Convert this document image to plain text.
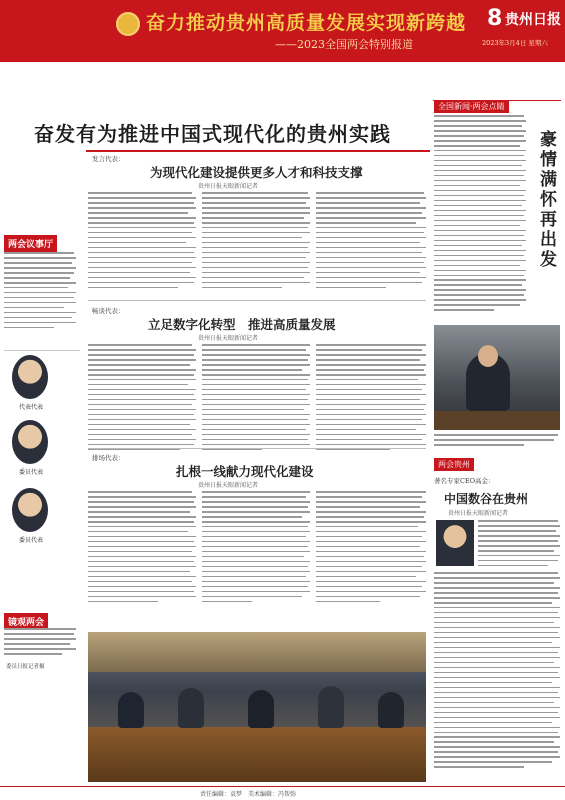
奋力推动贵州高质量发展实现新跨越
——2023全国两会特别报道
8 贵州日报
2023年3月4日 星期六
两会议事厅
代表代表
委员代表
委员代表
镜观两会
委员日报记者摄
奋发有为推进中国式现代化的贵州实践
发言代表：
为现代化建设提供更多人才和科技支撑
贵州日报天眼新闻记者
畅谈代表：
立足数字化转型　推进高质量发展
贵州日报天眼新闻记者
排场代表：
扎根一线献力现代化建设
贵州日报天眼新闻记者
全国新闻·两会点睛
豪情满怀再出发
两会贵州
著名专家CEO高金：
中国数谷在贵州
贵州日报天眼新闻记者
责任编辑：袁梦　美术编辑：冯帮弥
